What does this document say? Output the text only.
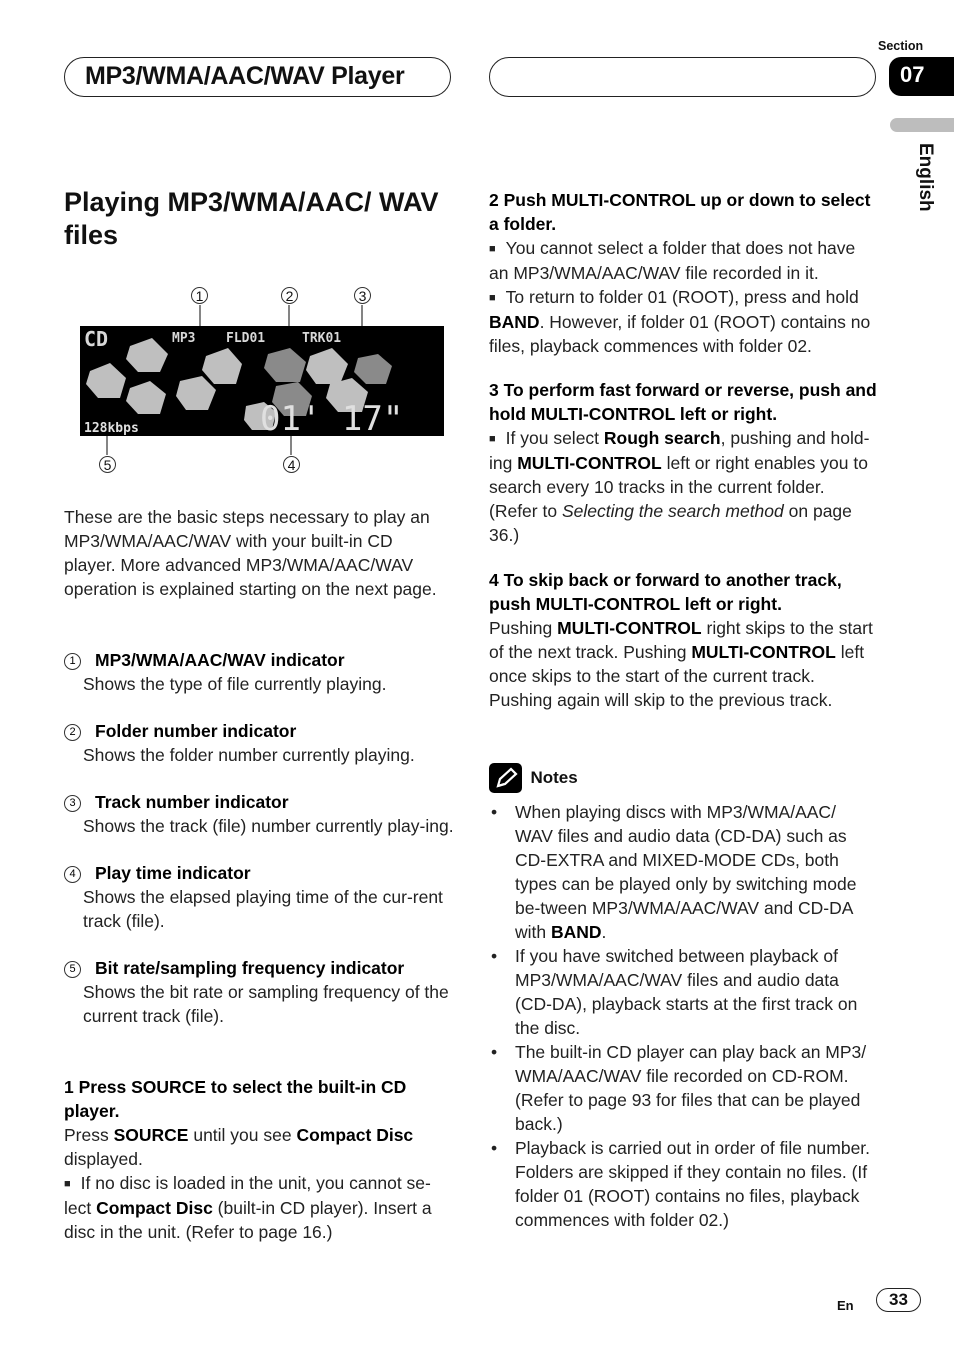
MP3/WMA/AAC/WAV Player
Section
07
English
Playing MP3/WMA/AAC/ WAV files
1	2	3
5	4
CD	MP3 FLD01	TRK01
01' 17"
128kbps
These are the basic steps necessary to play an MP3/WMA/AAC/WAV with your built-in CD player. More advanced MP3/WMA/AAC/WAV operation is explained starting on the next page.
1 MP3/WMA/AAC/WAV indicator
Shows the type of file currently playing.
2 Folder number indicator
Shows the folder number currently playing.
3 Track number indicator
Shows the track (file) number currently play-ing.
4 Play time indicator
Shows the elapsed playing time of the cur-rent track (file).
5 Bit rate/sampling frequency indicator
Shows the bit rate or sampling frequency of the current track (file).
1 Press SOURCE to select the built-in CD player.
Press SOURCE until you see Compact Disc displayed.
■ If no disc is loaded in the unit, you cannot se-lect Compact Disc (built-in CD player). Insert a disc in the unit. (Refer to page 16.)
2 Push MULTI-CONTROL up or down to select a folder.
■ You cannot select a folder that does not have an MP3/WMA/AAC/WAV file recorded in it.
■ To return to folder 01 (ROOT), press and hold BAND. However, if folder 01 (ROOT) contains no files, playback commences with folder 02.
3 To perform fast forward or reverse, push and hold MULTI-CONTROL left or right.
■ If you select Rough search, pushing and hold-ing MULTI-CONTROL left or right enables you to search every 10 tracks in the current folder. (Refer to Selecting the search method on page 36.)
4 To skip back or forward to another track, push MULTI-CONTROL left or right.
Pushing MULTI-CONTROL right skips to the start of the next track. Pushing MULTI-CONTROL left once skips to the start of the current track. Pushing again will skip to the previous track.
Notes
• When playing discs with MP3/WMA/AAC/ WAV files and audio data (CD-DA) such as CD-EXTRA and MIXED-MODE CDs, both types can be played only by switching mode be-tween MP3/WMA/AAC/WAV and CD-DA with BAND.
• If you have switched between playback of MP3/WMA/AAC/WAV files and audio data (CD-DA), playback starts at the first track on the disc.
• The built-in CD player can play back an MP3/ WMA/AAC/WAV file recorded on CD-ROM. (Refer to page 93 for files that can be played back.)
• Playback is carried out in order of file number. Folders are skipped if they contain no files. (If folder 01 (ROOT) contains no files, playback commences with folder 02.)
En	33
